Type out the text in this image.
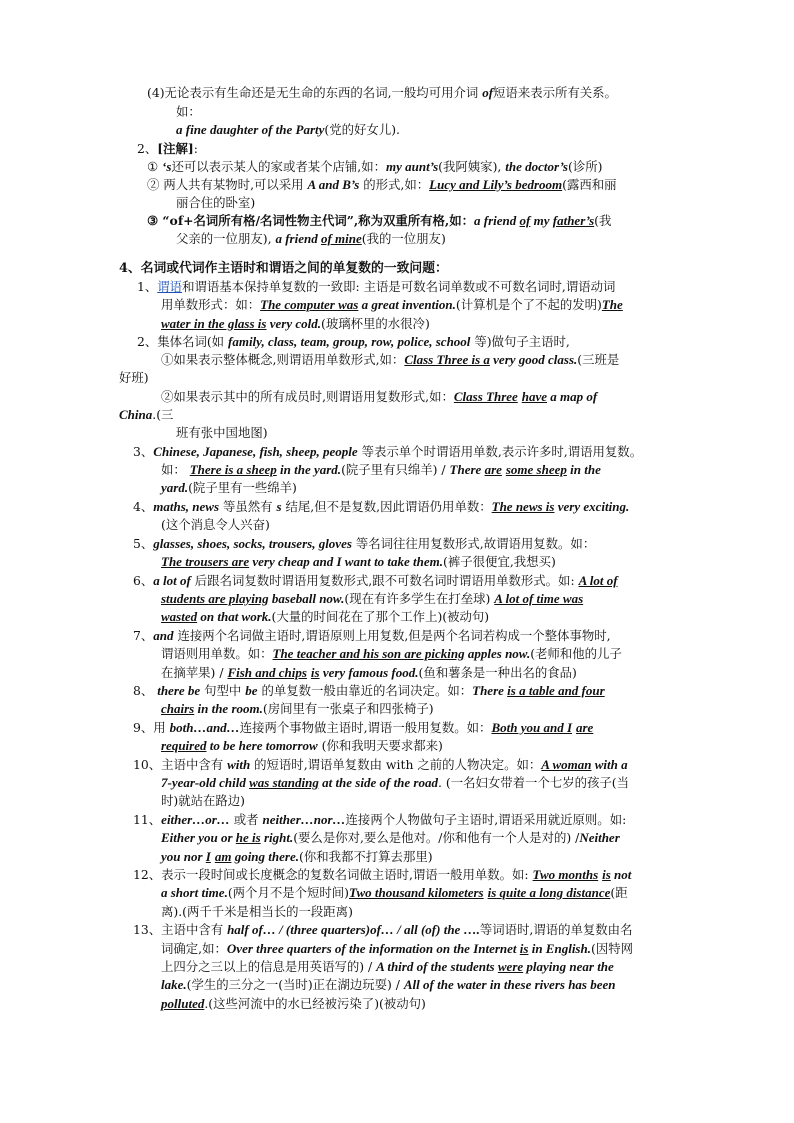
(4)无论表示有生命还是无生命的东西的名词,一般均可用介词 of短语来表示所有关系。
如：
a fine daughter of the Party(党的好女儿).
2、[注解]:
① ‘s还可以表示某人的家或者某个店铺,如：my aunt’s(我阿姨家), the doctor’s(诊所)
② 两人共有某物时,可以采用 A and B’s 的形式,如：Lucy and Lily’s bedroom(露西和丽
丽合住的卧室)
③ “of+名词所有格/名词性物主代词”,称为双重所有格,如：a friend of my father’s(我
父亲的一位朋友), a friend of mine(我的一位朋友)
4、名词或代词作主语时和谓语之间的单复数的一致问题：
1、谓语和谓语基本保持单复数的一致即: 主语是可数名词单数或不可数名词时,谓语动词
用单数形式：如：The computer was a great invention.(计算机是个了不起的发明)The
water in the glass is very cold.(玻璃杯里的水很冷)
2、集体名词(如 family, class, team, group, row, police, school 等)做句子主语时,
①如果表示整体概念,则谓语用单数形式,如：Class Three is a very good class.(三班是
好班)
②如果表示其中的所有成员时,则谓语用复数形式,如：Class Three have a map of
China.(三
班有张中国地图)
3、Chinese, Japanese, fish, sheep, people 等表示单个时谓语用单数,表示许多时,谓语用复数。
如： There is a sheep in the yard.(院子里有只绵羊) / There are some sheep in the
yard.(院子里有一些绵羊)
4、maths, news 等虽然有 s 结尾,但不是复数,因此谓语仍用单数：The news is very exciting.
(这个消息令人兴奋)
5、glasses, shoes, socks, trousers, gloves 等名词往往用复数形式,故谓语用复数。如：
The trousers are very cheap and I want to take them.(裤子很便宜,我想买)
6、a lot of 后跟名词复数时谓语用复数形式,跟不可数名词时谓语用单数形式。如: A lot of
students are playing baseball now.(现在有许多学生在打垒球) A lot of time was
wasted on that work.(大量的时间花在了那个工作上)(被动句)
7、and 连接两个名词做主语时,谓语原则上用复数,但是两个名词若构成一个整体事物时,
谓语则用单数。如：The teacher and his son are picking apples now.(老师和他的儿子
在摘苹果) / Fish and chips is very famous food.(鱼和薯条是一种出名的食品)
8、 there be 句型中 be 的单复数一般由靠近的名词决定。如：There is a table and four
chairs in the room.(房间里有一张桌子和四张椅子)
9、用 both…and…连接两个事物做主语时,谓语一般用复数。如：Both you and I are
required to be here tomorrow (你和我明天要求都来)
10、主语中含有 with 的短语时,谓语单复数由 with 之前的人物决定。如：A woman with a
7-year-old child was standing at the side of the road. (一名妇女带着一个七岁的孩子(当
时)就站在路边)
11、either…or… 或者 neither…nor…连接两个人物做句子主语时,谓语采用就近原则。如:
Either you or he is right.(要么是你对,要么是他对。/你和他有一个人是对的) /Neither
you nor I am going there.(你和我都不打算去那里)
12、表示一段时间或长度概念的复数名词做主语时,谓语一般用单数。如: Two months is not
a short time.(两个月不是个短时间)Two thousand kilometers is quite a long distance(距
离).(两千千米是相当长的一段距离)
13、主语中含有 half of… / (three quarters)of… / all (of) the ….等词语时,谓语的单复数由名
词确定,如：Over three quarters of the information on the Internet is in English.(因特网
上四分之三以上的信息是用英语写的) / A third of the students were playing near the
lake.(学生的三分之一(当时)正在湖边玩耍) / All of the water in these rivers has been
polluted.(这些河流中的水已经被污染了)(被动句)
